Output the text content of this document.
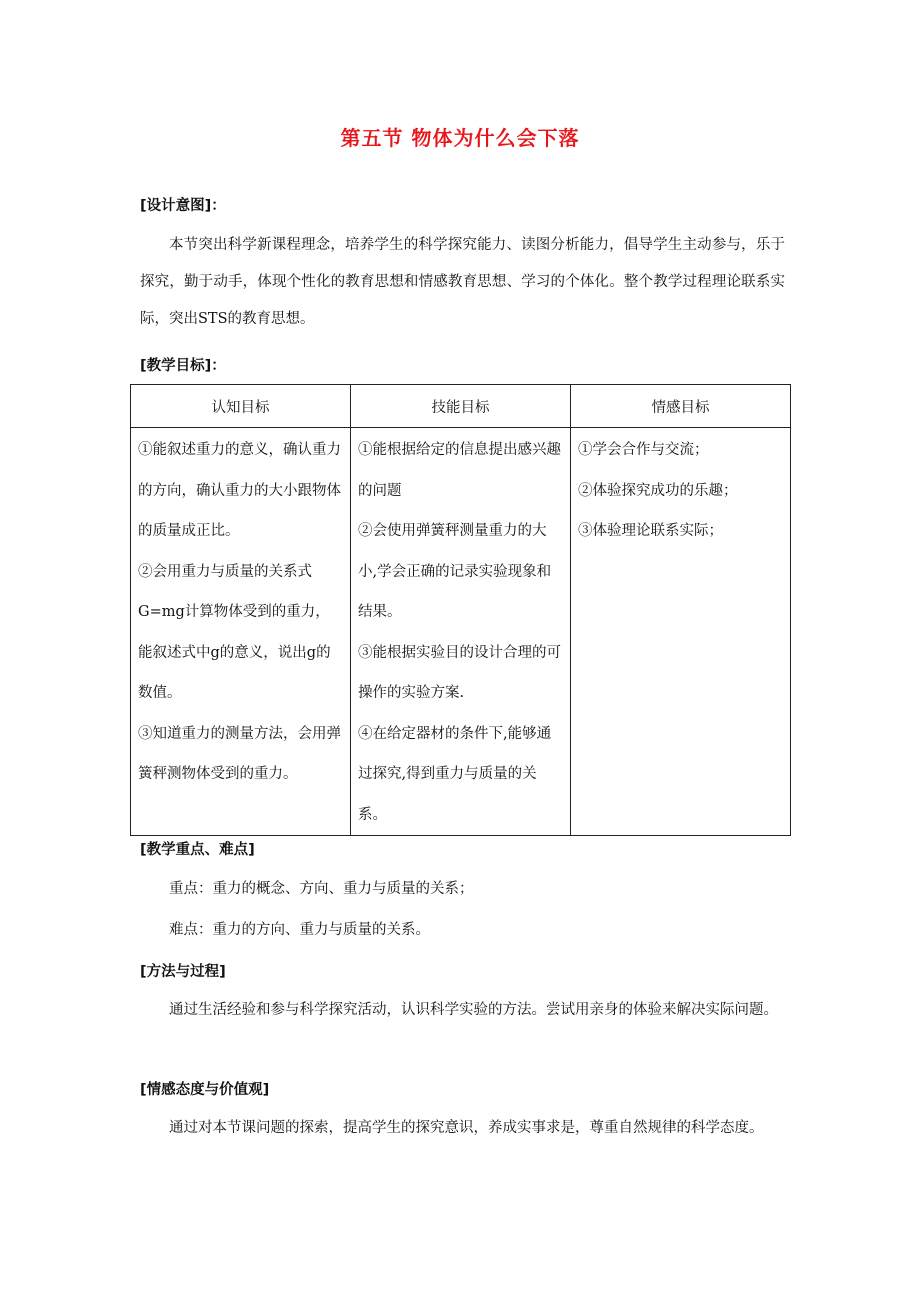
第五节 物体为什么会下落
[设计意图]：
本节突出科学新课程理念，培养学生的科学探究能力、读图分析能力，倡导学生主动参与，乐于探究，勤于动手，体现个性化的教育思想和情感教育思想、学习的个体化。整个教学过程理论联系实际，突出STS的教育思想。
[教学目标]：
认知目标	技能目标	情感目标

①能叙述重力的意义，确认重力的方向，确认重力的大小跟物体的质量成正比。
②会用重力与质量的关系式G=mg计算物体受到的重力，能叙述式中g的意义，说出g的数值。
③知道重力的测量方法，会用弹簧秤测物体受到的重力。	①能根据给定的信息提出感兴趣的问题
②会使用弹簧秤测量重力的大小,学会正确的记录实验现象和结果。
③能根据实验目的设计合理的可操作的实验方案.
④在给定器材的条件下,能够通过探究,得到重力与质量的关系。	①学会合作与交流；
②体验探究成功的乐趣；
③体验理论联系实际；
[教学重点、难点]
重点：重力的概念、方向、重力与质量的关系；
难点：重力的方向、重力与质量的关系。
[方法与过程]
通过生活经验和参与科学探究活动，认识科学实验的方法。尝试用亲身的体验来解决实际问题。
[情感态度与价值观]
通过对本节课问题的探索，提高学生的探究意识，养成实事求是，尊重自然规律的科学态度。
